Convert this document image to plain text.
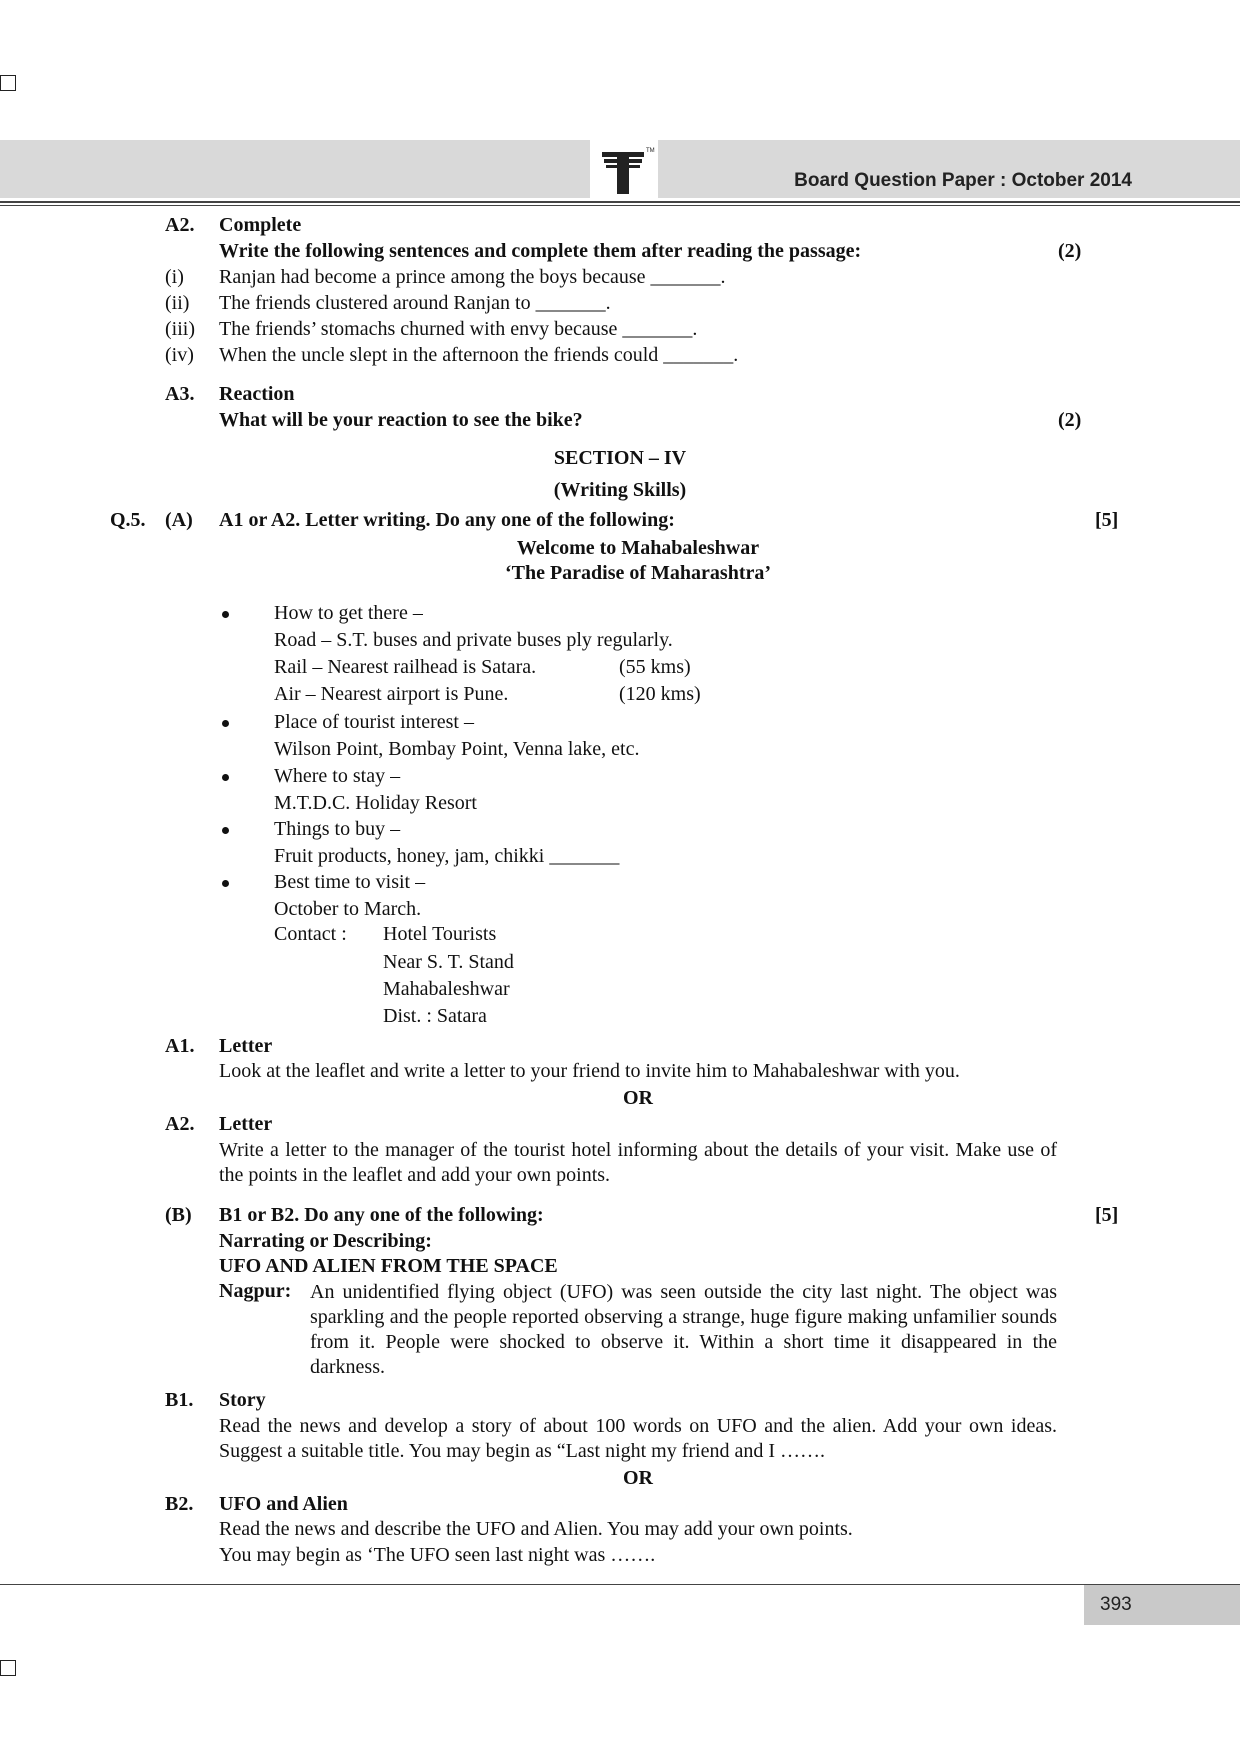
TM
Board Question Paper : October 2014
A2. Complete
Write the following sentences and complete them after reading the passage:	(2)
(i) Ranjan had become a prince among the boys because _______.
(ii) The friends clustered around Ranjan to _______.
(iii) The friends’ stomachs churned with envy because _______.
(iv) When the uncle slept in the afternoon the friends could _______.
A3. Reaction
What will be your reaction to see the bike?	(2)
SECTION – IV
(Writing Skills)
Q.5. (A) A1 or A2. Letter writing. Do any one of the following:	[5]
Welcome to Mahabaleshwar
‘The Paradise of Maharashtra’
How to get there –
Road – S.T. buses and private buses ply regularly.
Rail – Nearest railhead is Satara.	(55 kms)
Air – Nearest airport is Pune.	(120 kms)
Place of tourist interest –
Wilson Point, Bombay Point, Venna lake, etc.
Where to stay –
M.T.D.C. Holiday Resort
Things to buy –
Fruit products, honey, jam, chikki _______
Best time to visit –
October to March.
Contact : Hotel Tourists
Near S. T. Stand
Mahabaleshwar
Dist. : Satara
A1. Letter
Look at the leaflet and write a letter to your friend to invite him to Mahabaleshwar with you.
OR
A2. Letter
Write a letter to the manager of the tourist hotel informing about the details of your visit. Make use of the points in the leaflet and add your own points.
(B) B1 or B2. Do any one of the following:	[5]
Narrating or Describing:
UFO AND ALIEN FROM THE SPACE
Nagpur: An unidentified flying object (UFO) was seen outside the city last night. The object was sparkling and the people reported observing a strange, huge figure making unfamilier sounds from it. People were shocked to observe it. Within a short time it disappeared in the darkness.
B1. Story
Read the news and develop a story of about 100 words on UFO and the alien. Add your own ideas. Suggest a suitable title. You may begin as “Last night my friend and I …….
OR
B2. UFO and Alien
Read the news and describe the UFO and Alien. You may add your own points.
You may begin as ‘The UFO seen last night was …….
393
